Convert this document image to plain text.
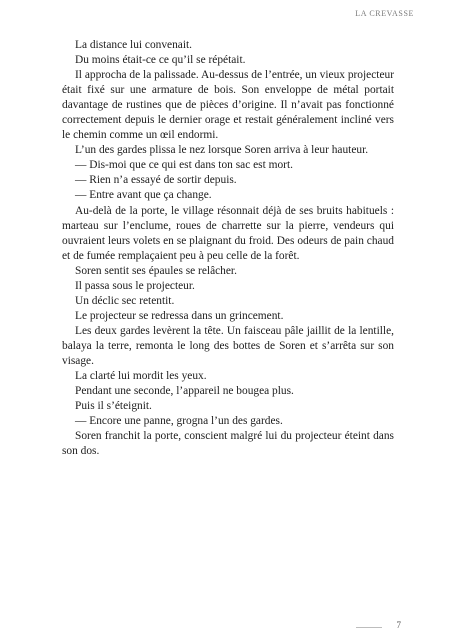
LA CREVASSE

La distance lui convenait.

Du moins était-ce ce qu’il se répétait.

Il approcha de la palissade. Au-dessus de l’entrée, un vieux projecteur était fixé sur une armature de bois. Son enveloppe de métal portait davantage de rustines que de pièces d’origine. Il n’avait pas fonctionné correctement depuis le dernier orage et restait généralement incliné vers le chemin comme un œil endormi.

L’un des gardes plissa le nez lorsque Soren arriva à leur hauteur.

— Dis-moi que ce qui est dans ton sac est mort.

— Rien n’a essayé de sortir depuis.

— Entre avant que ça change.

Au-delà de la porte, le village résonnait déjà de ses bruits habituels : marteau sur l’enclume, roues de charrette sur la pierre, vendeurs qui ouvraient leurs volets en se plaignant du froid. Des odeurs de pain chaud et de fumée remplaçaient peu à peu celle de la forêt.

Soren sentit ses épaules se relâcher.

Il passa sous le projecteur.

Un déclic sec retentit.

Le projecteur se redressa dans un grincement.

Les deux gardes levèrent la tête. Un faisceau pâle jaillit de la lentille, balaya la terre, remonta le long des bottes de Soren et s’arrêta sur son visage.

La clarté lui mordit les yeux.

Pendant une seconde, l’appareil ne bougea plus.

Puis il s’éteignit.

— Encore une panne, grogna l’un des gardes.

Soren franchit la porte, conscient malgré lui du projecteur éteint dans son dos.

7
